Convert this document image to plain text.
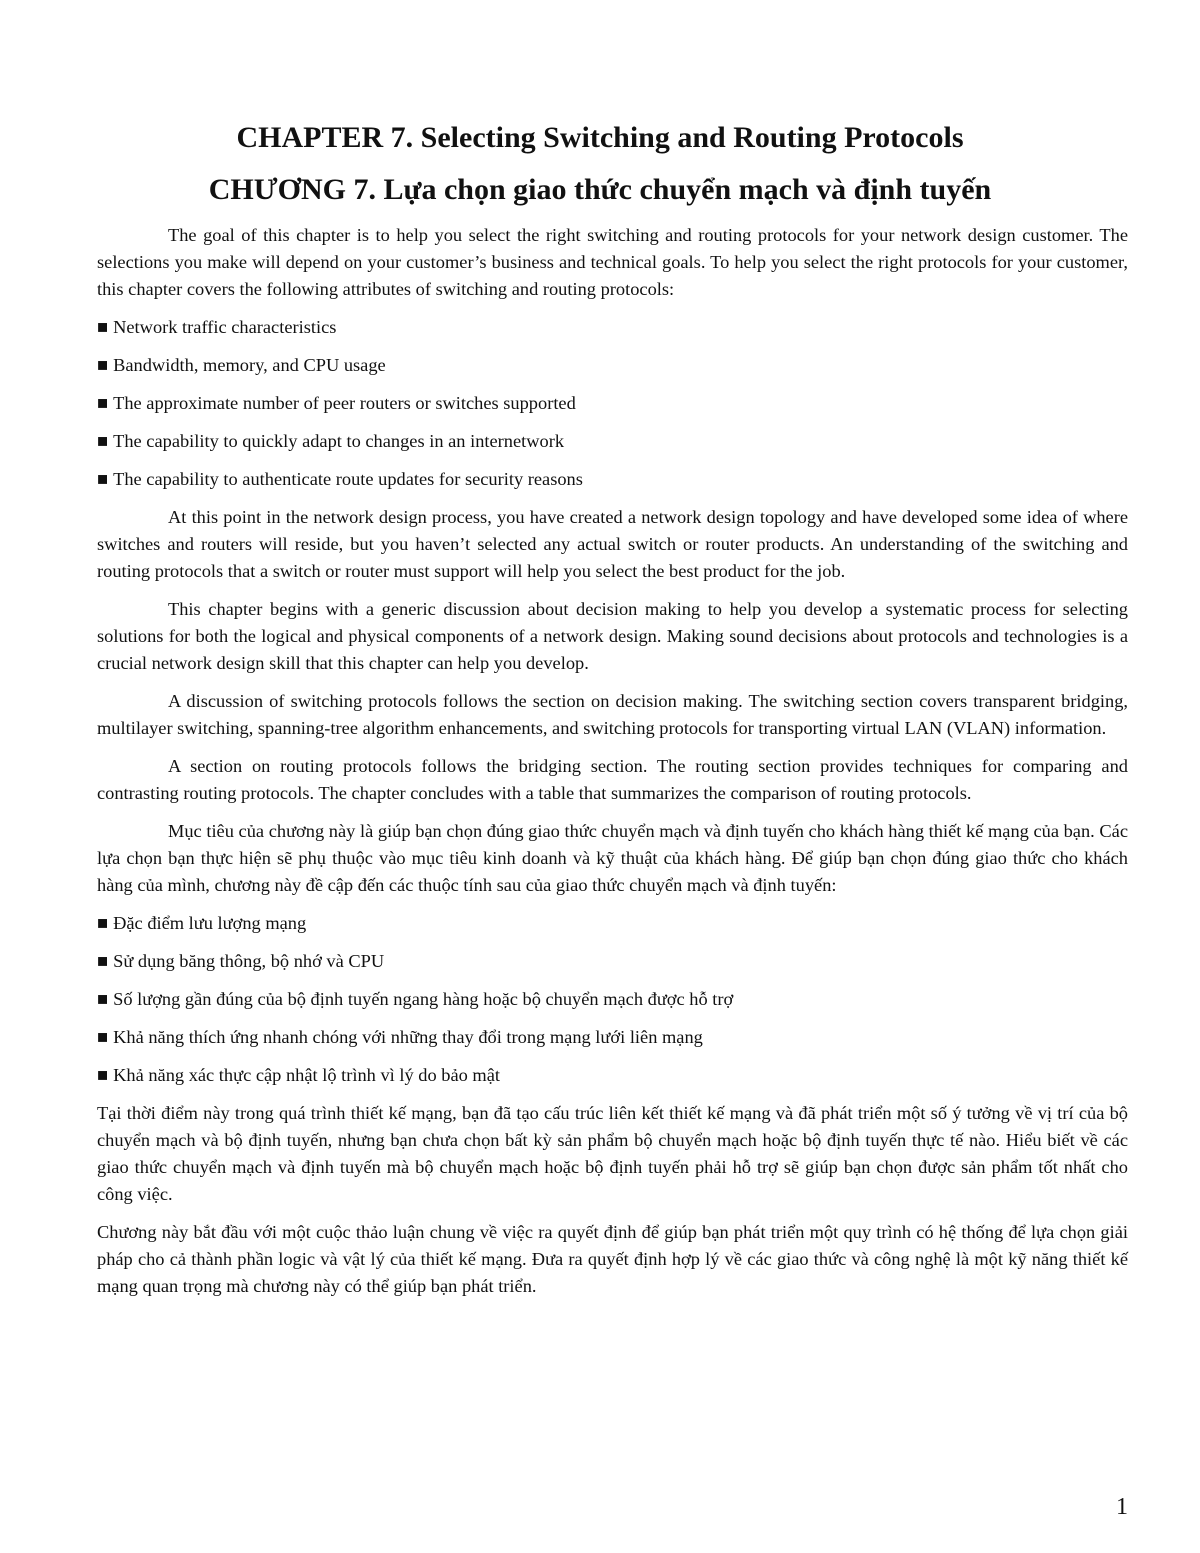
CHAPTER 7. Selecting Switching and Routing Protocols
CHƯƠNG 7. Lựa chọn giao thức chuyển mạch và định tuyến

The goal of this chapter is to help you select the right switching and routing protocols for your network design customer. The selections you make will depend on your customer’s business and technical goals. To help you select the right protocols for your customer, this chapter covers the following attributes of switching and routing protocols:

■ Network traffic characteristics
■ Bandwidth, memory, and CPU usage
■ The approximate number of peer routers or switches supported
■ The capability to quickly adapt to changes in an internetwork
■ The capability to authenticate route updates for security reasons

At this point in the network design process, you have created a network design topology and have developed some idea of where switches and routers will reside, but you haven’t selected any actual switch or router products. An understanding of the switching and routing protocols that a switch or router must support will help you select the best product for the job.

This chapter begins with a generic discussion about decision making to help you develop a systematic process for selecting solutions for both the logical and physical components of a network design. Making sound decisions about protocols and technologies is a crucial network design skill that this chapter can help you develop.

A discussion of switching protocols follows the section on decision making. The switching section covers transparent bridging, multilayer switching, spanning-tree algorithm enhancements, and switching protocols for transporting virtual LAN (VLAN) information.

A section on routing protocols follows the bridging section. The routing section provides techniques for comparing and contrasting routing protocols. The chapter concludes with a table that summarizes the comparison of routing protocols.

Mục tiêu của chương này là giúp bạn chọn đúng giao thức chuyển mạch và định tuyến cho khách hàng thiết kế mạng của bạn. Các lựa chọn bạn thực hiện sẽ phụ thuộc vào mục tiêu kinh doanh và kỹ thuật của khách hàng. Để giúp bạn chọn đúng giao thức cho khách hàng của mình, chương này đề cập đến các thuộc tính sau của giao thức chuyển mạch và định tuyến:

■ Đặc điểm lưu lượng mạng
■ Sử dụng băng thông, bộ nhớ và CPU
■ Số lượng gần đúng của bộ định tuyến ngang hàng hoặc bộ chuyển mạch được hỗ trợ
■ Khả năng thích ứng nhanh chóng với những thay đổi trong mạng lưới liên mạng
■ Khả năng xác thực cập nhật lộ trình vì lý do bảo mật

Tại thời điểm này trong quá trình thiết kế mạng, bạn đã tạo cấu trúc liên kết thiết kế mạng và đã phát triển một số ý tưởng về vị trí của bộ chuyển mạch và bộ định tuyến, nhưng bạn chưa chọn bất kỳ sản phẩm bộ chuyển mạch hoặc bộ định tuyến thực tế nào. Hiểu biết về các giao thức chuyển mạch và định tuyến mà bộ chuyển mạch hoặc bộ định tuyến phải hỗ trợ sẽ giúp bạn chọn được sản phẩm tốt nhất cho công việc.

Chương này bắt đầu với một cuộc thảo luận chung về việc ra quyết định để giúp bạn phát triển một quy trình có hệ thống để lựa chọn giải pháp cho cả thành phần logic và vật lý của thiết kế mạng. Đưa ra quyết định hợp lý về các giao thức và công nghệ là một kỹ năng thiết kế mạng quan trọng mà chương này có thể giúp bạn phát triển.

1
